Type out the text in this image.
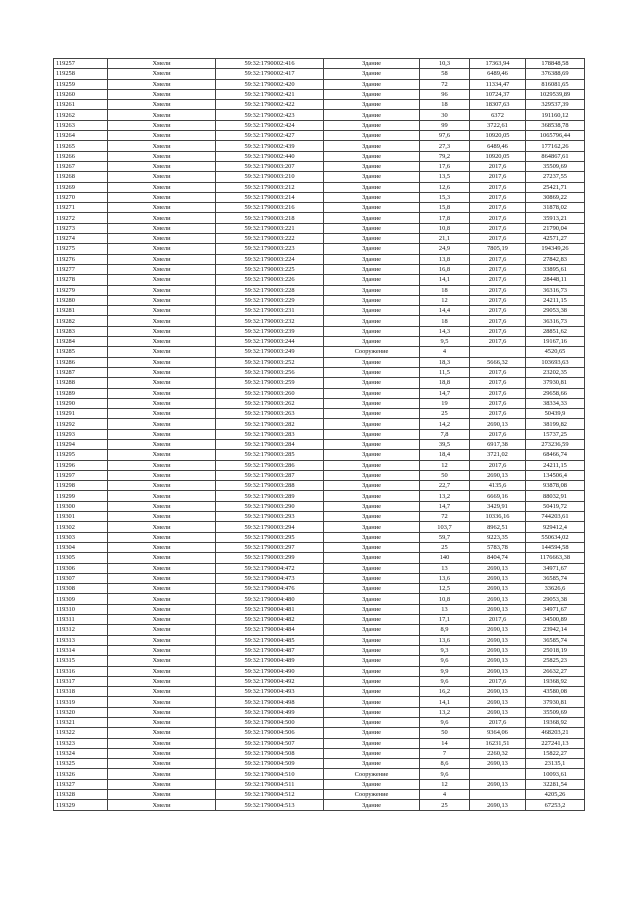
119257	Хмели	59:32:1790002:416	Здание	10,3	17363,94	178848,58
119258	Хмели	59:32:1790002:417	Здание	58	6489,46	376388,69
119259	Хмели	59:32:1790002:420	Здание	72	11334,47	816081,65
119260	Хмели	59:32:1790002:421	Здание	96	10724,37	1029539,89
119261	Хмели	59:32:1790002:422	Здание	18	18307,63	329537,39
119262	Хмели	59:32:1790002:423	Здание	30	6372	191160,12
119263	Хмели	59:32:1790002:424	Здание	99	3722,61	368538,78
119264	Хмели	59:32:1790002:427	Здание	97,6	10920,05	1065796,44
119265	Хмели	59:32:1790002:439	Здание	27,3	6489,46	177162,26
119266	Хмели	59:32:1790002:440	Здание	79,2	10920,05	864867,61
119267	Хмели	59:32:1790003:207	Здание	17,6	2017,6	35509,69
119268	Хмели	59:32:1790003:210	Здание	13,5	2017,6	27237,55
119269	Хмели	59:32:1790003:212	Здание	12,6	2017,6	25421,71
119270	Хмели	59:32:1790003:214	Здание	15,3	2017,6	30869,22
119271	Хмели	59:32:1790003:216	Здание	15,8	2017,6	31878,02
119272	Хмели	59:32:1790003:218	Здание	17,8	2017,6	35913,21
119273	Хмели	59:32:1790003:221	Здание	10,8	2017,6	21790,04
119274	Хмели	59:32:1790003:222	Здание	21,1	2017,6	42571,27
119275	Хмели	59:32:1790003:223	Здание	24,9	7805,19	194349,26
119276	Хмели	59:32:1790003:224	Здание	13,8	2017,6	27842,83
119277	Хмели	59:32:1790003:225	Здание	16,8	2017,6	33895,61
119278	Хмели	59:32:1790003:226	Здание	14,1	2017,6	28448,11
119279	Хмели	59:32:1790003:228	Здание	18	2017,6	36316,73
119280	Хмели	59:32:1790003:229	Здание	12	2017,6	24211,15
119281	Хмели	59:32:1790003:231	Здание	14,4	2017,6	29053,38
119282	Хмели	59:32:1790003:232	Здание	18	2017,6	36316,73
119283	Хмели	59:32:1790003:239	Здание	14,3	2017,6	28851,62
119284	Хмели	59:32:1790003:244	Здание	9,5	2017,6	19167,16
119285	Хмели	59:32:1790003:249	Сооружение	4		4520,65
119286	Хмели	59:32:1790003:252	Здание	18,3	5666,32	103693,63
119287	Хмели	59:32:1790003:256	Здание	11,5	2017,6	23202,35
119288	Хмели	59:32:1790003:259	Здание	18,8	2017,6	37930,81
119289	Хмели	59:32:1790003:260	Здание	14,7	2017,6	29658,66
119290	Хмели	59:32:1790003:262	Здание	19	2017,6	38334,33
119291	Хмели	59:32:1790003:263	Здание	25	2017,6	50439,9
119292	Хмели	59:32:1790003:282	Здание	14,2	2690,13	38199,82
119293	Хмели	59:32:1790003:283	Здание	7,8	2017,6	15737,25
119294	Хмели	59:32:1790003:284	Здание	39,5	6917,38	273236,59
119295	Хмели	59:32:1790003:285	Здание	18,4	3721,02	68466,74
119296	Хмели	59:32:1790003:286	Здание	12	2017,6	24211,15
119297	Хмели	59:32:1790003:287	Здание	50	2690,13	134506,4
119298	Хмели	59:32:1790003:288	Здание	22,7	4135,6	93878,08
119299	Хмели	59:32:1790003:289	Здание	13,2	6669,16	88032,91
119300	Хмели	59:32:1790003:290	Здание	14,7	3429,91	50419,72
119301	Хмели	59:32:1790003:293	Здание	72	10336,16	744203,61
119302	Хмели	59:32:1790003:294	Здание	103,7	8962,51	929412,4
119303	Хмели	59:32:1790003:295	Здание	59,7	9223,35	550634,02
119304	Хмели	59:32:1790003:297	Здание	25	5783,78	144594,58
119305	Хмели	59:32:1790003:299	Здание	140	8404,74	1176663,38
119306	Хмели	59:32:1790004:472	Здание	13	2690,13	34971,67
119307	Хмели	59:32:1790004:473	Здание	13,6	2690,13	36585,74
119308	Хмели	59:32:1790004:476	Здание	12,5	2690,13	33626,6
119309	Хмели	59:32:1790004:480	Здание	10,8	2690,13	29053,38
119310	Хмели	59:32:1790004:481	Здание	13	2690,13	34971,67
119311	Хмели	59:32:1790004:482	Здание	17,1	2017,6	34500,89
119312	Хмели	59:32:1790004:484	Здание	8,9	2690,13	23942,14
119313	Хмели	59:32:1790004:485	Здание	13,6	2690,13	36585,74
119314	Хмели	59:32:1790004:487	Здание	9,3	2690,13	25018,19
119315	Хмели	59:32:1790004:489	Здание	9,6	2690,13	25825,23
119316	Хмели	59:32:1790004:490	Здание	9,9	2690,13	26632,27
119317	Хмели	59:32:1790004:492	Здание	9,6	2017,6	19368,92
119318	Хмели	59:32:1790004:493	Здание	16,2	2690,13	43580,08
119319	Хмели	59:32:1790004:498	Здание	14,1	2690,13	37930,81
119320	Хмели	59:32:1790004:499	Здание	13,2	2690,13	35509,69
119321	Хмели	59:32:1790004:500	Здание	9,6	2017,6	19368,92
119322	Хмели	59:32:1790004:506	Здание	50	9364,06	468203,21
119323	Хмели	59:32:1790004:507	Здание	14	16231,51	227241,13
119324	Хмели	59:32:1790004:508	Здание	7	2260,32	15822,27
119325	Хмели	59:32:1790004:509	Здание	8,6	2690,13	23135,1
119326	Хмели	59:32:1790004:510	Сооружение	9,6		10093,61
119327	Хмели	59:32:1790004:511	Здание	12	2690,13	32281,54
119328	Хмели	59:32:1790004:512	Сооружение	4		4205,26
119329	Хмели	59:32:1790004:513	Здание	25	2690,13	67253,2
